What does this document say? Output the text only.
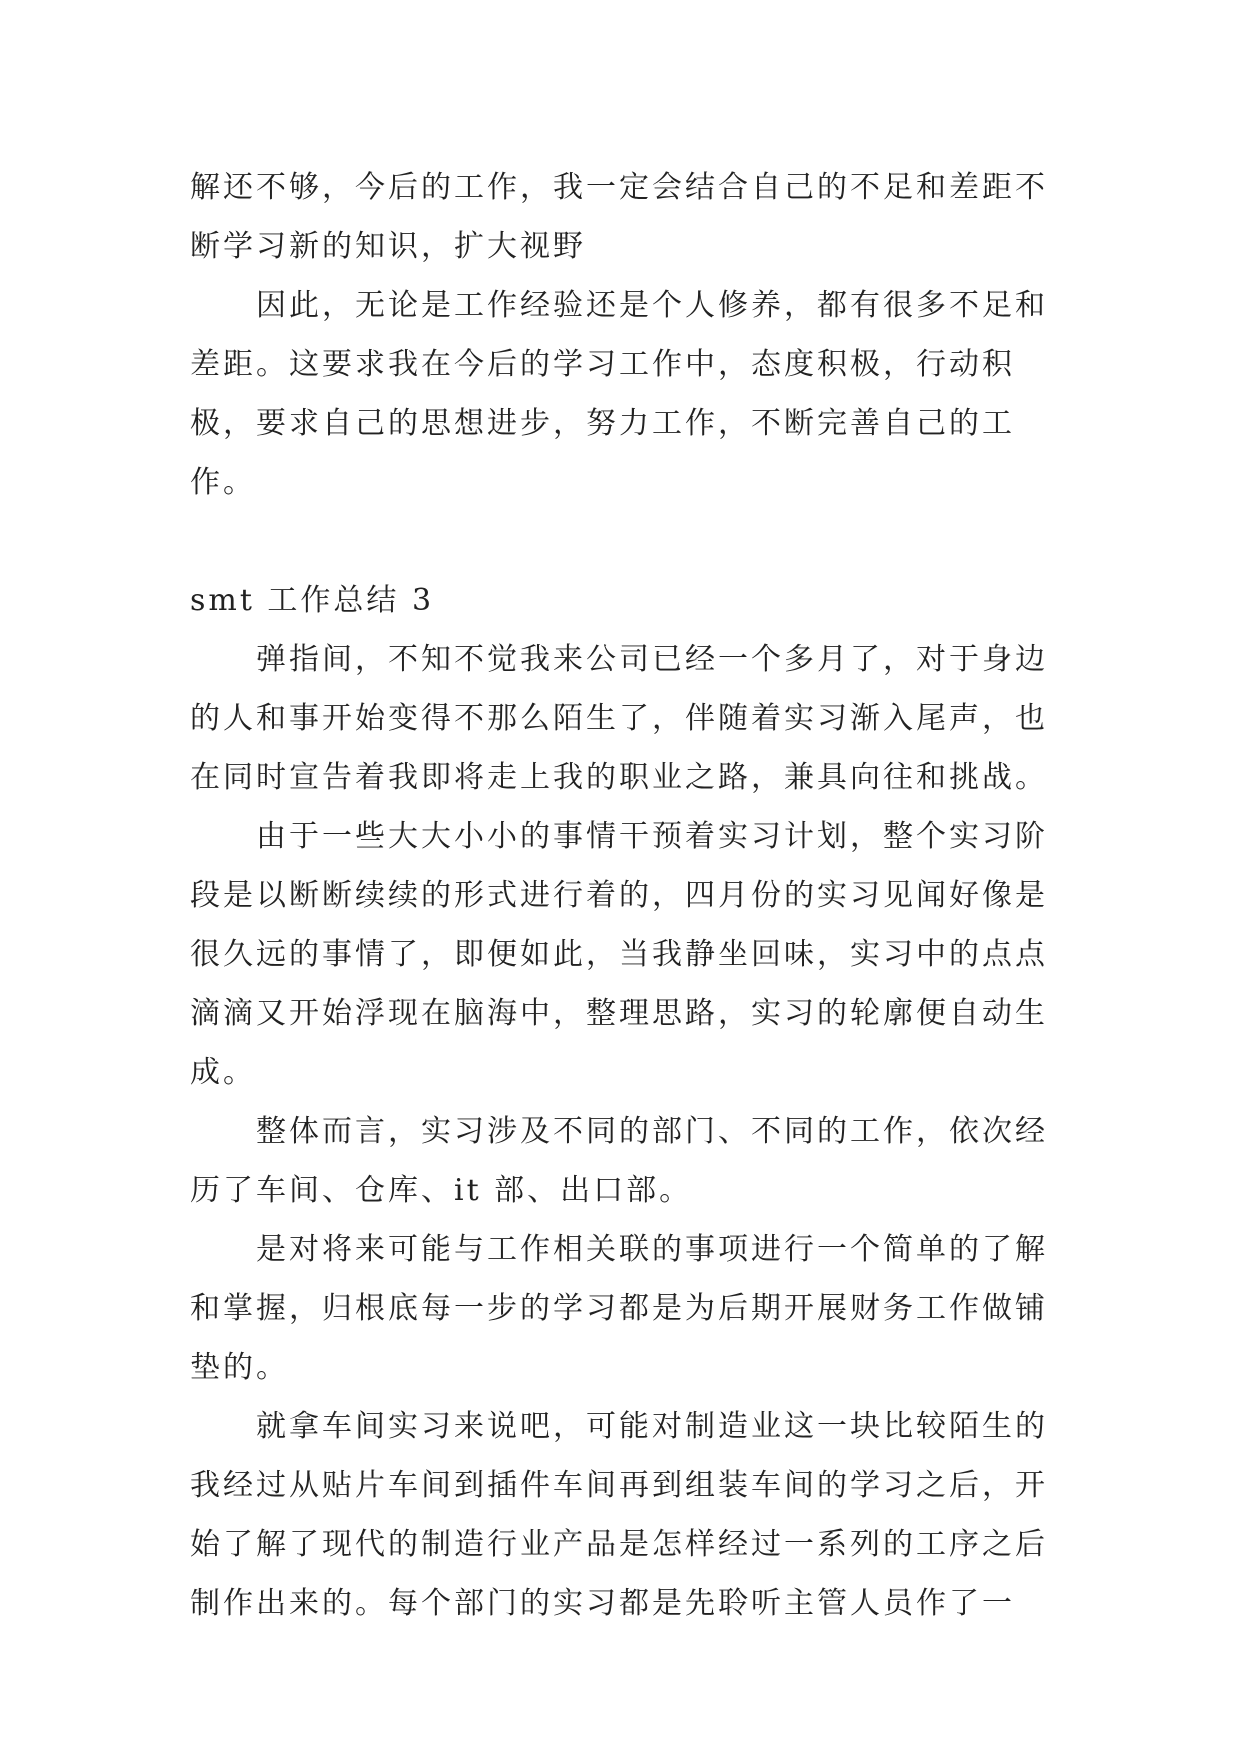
解还不够，今后的工作，我一定会结合自己的不足和差距不断学习新的知识，扩大视野

因此，无论是工作经验还是个人修养，都有很多不足和差距。这要求我在今后的学习工作中，态度积极，行动积极，要求自己的思想进步，努力工作，不断完善自己的工作。

smt 工作总结 3

弹指间，不知不觉我来公司已经一个多月了，对于身边的人和事开始变得不那么陌生了，伴随着实习渐入尾声，也在同时宣告着我即将走上我的职业之路，兼具向往和挑战。

由于一些大大小小的事情干预着实习计划，整个实习阶段是以断断续续的形式进行着的，四月份的实习见闻好像是很久远的事情了，即便如此，当我静坐回味，实习中的点点滴滴又开始浮现在脑海中，整理思路，实习的轮廓便自动生成。

整体而言，实习涉及不同的部门、不同的工作，依次经历了车间、仓库、it 部、出口部。

是对将来可能与工作相关联的事项进行一个简单的了解和掌握，归根底每一步的学习都是为后期开展财务工作做铺垫的。

就拿车间实习来说吧，可能对制造业这一块比较陌生的我经过从贴片车间到插件车间再到组装车间的学习之后，开始了解了现代的制造行业产品是怎样经过一系列的工序之后制作出来的。每个部门的实习都是先聆听主管人员作了一
